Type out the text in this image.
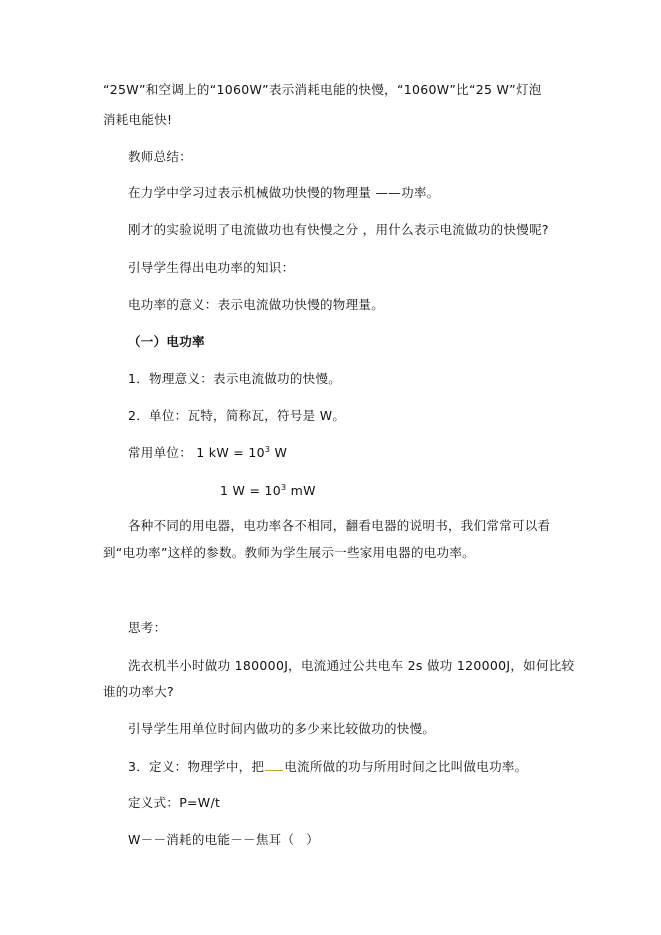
“25W”和空调上的“1060W”表示消耗电能的快慢，“1060W”比“25 W”灯泡
消耗电能快!
教师总结：
在力学中学习过表示机械做功快慢的物理量 ——功率。
刚才的实验说明了电流做功也有快慢之分 ，用什么表示电流做功的快慢呢?
引导学生得出电功率的知识：
电功率的意义：表示电流做功快慢的物理量。
（一）电功率
1．物理意义：表示电流做功的快慢。
2．单位：瓦特，简称瓦，符号是 W。
常用单位： 1 kW = $10^3$ W
1 $W = 10^3$ mW
各种不同的用电器，电功率各不相同，翻看电器的说明书，我们常常可以看
到“电功率”这样的参数。教师为学生展示一些家用电器的电功率。
思考：
洗衣机半小时做功 180000J，电流通过公共电车 2s 做功 120000J，如何比较
谁的功率大?
引导学生用单位时间内做功的多少来比较做功的快慢。
3．定义：物理学中，把 电流所做的功与所用时间之比叫做电功率。
定义式：P=W/t
W－－消耗的电能－－焦耳（ ）
